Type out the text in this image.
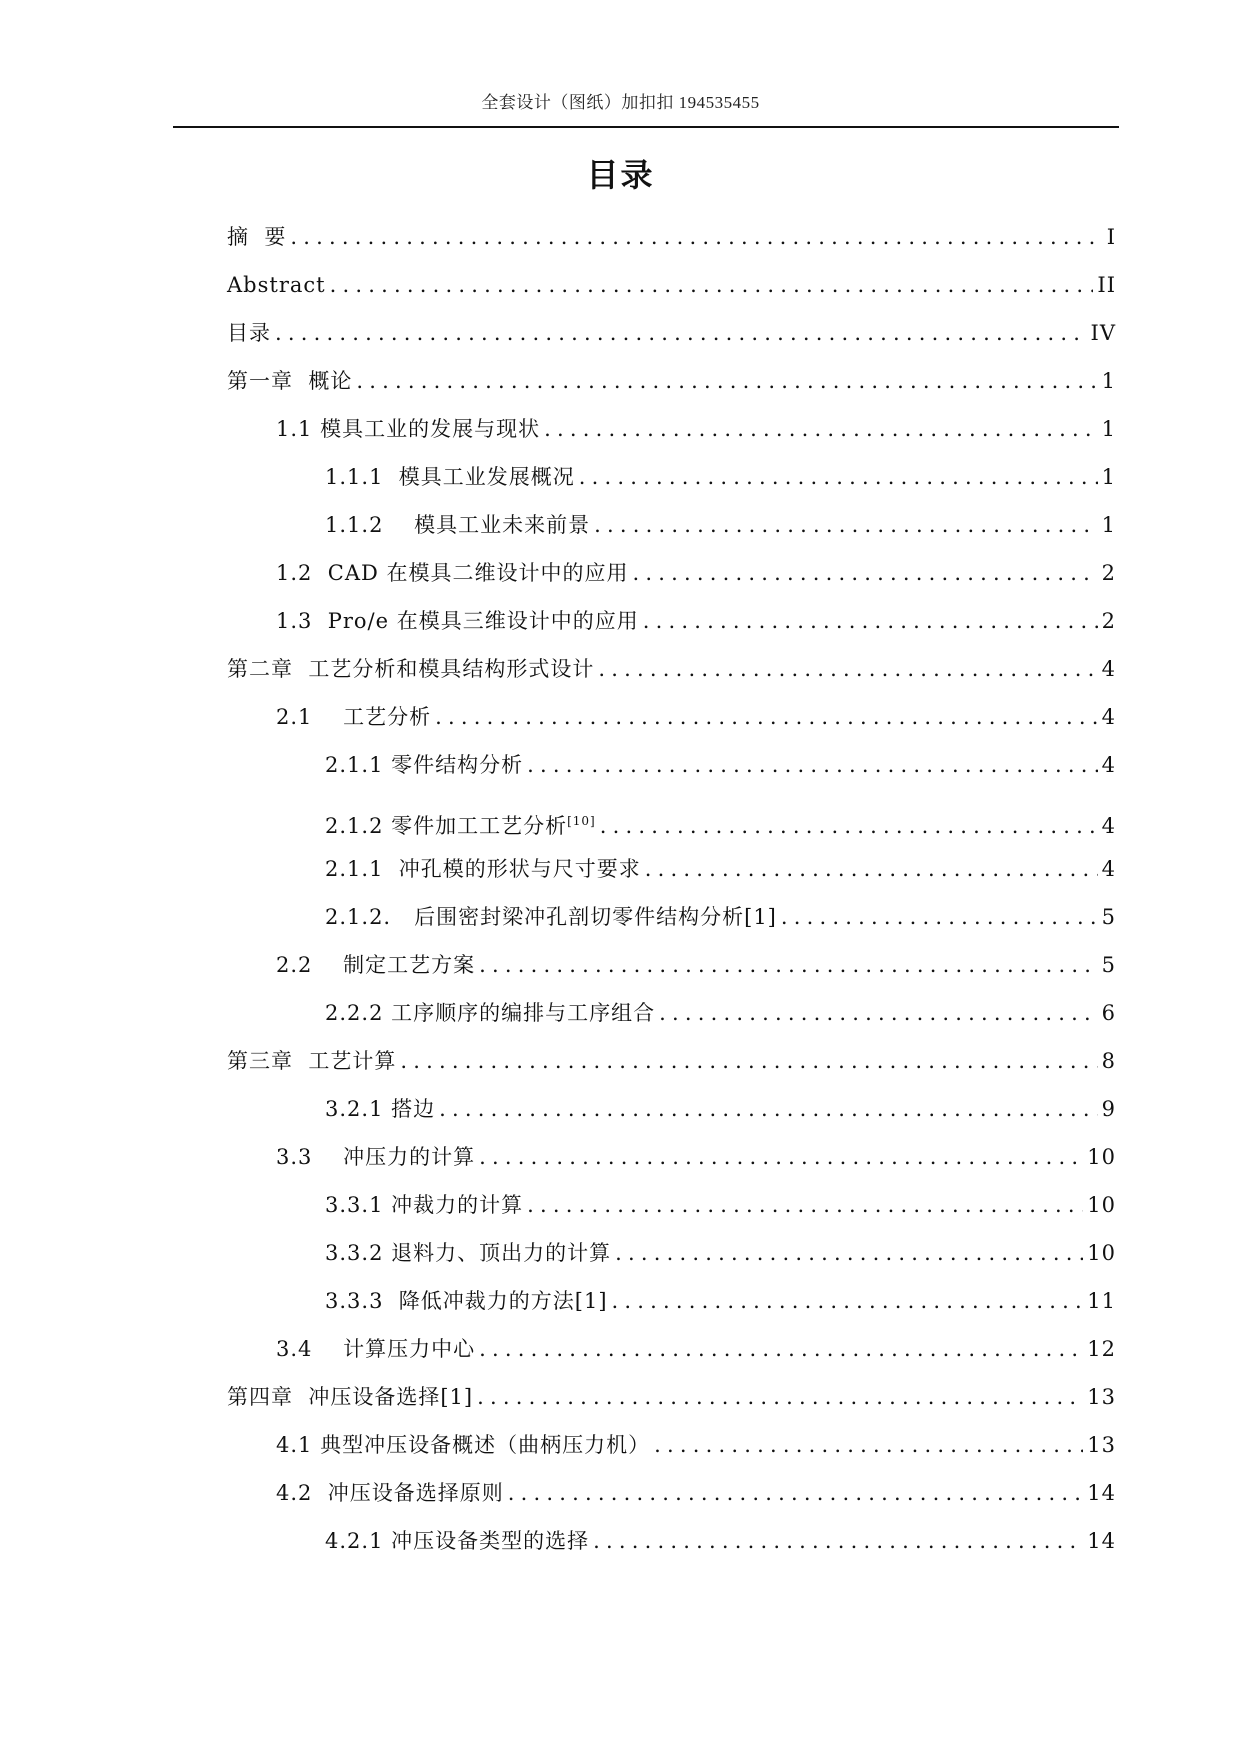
全套设计（图纸）加扣扣 194535455
目录
摘  要 .....	I
Abstract .....	II
目录 .....	IV
第一章  概论 .....	1
1.1 模具工业的发展与现状 .....	1
1.1.1  模具工业发展概况 .....	1
1.1.2    模具工业未来前景 .....	1
1.2  CAD 在模具二维设计中的应用 .....	2
1.3  Pro/e 在模具三维设计中的应用 .....	2
第二章  工艺分析和模具结构形式设计 .....	4
2.1    工艺分析 .....	4
2.1.1 零件结构分析 .....	4
2.1.2 零件加工工艺分析[10] .....	4
2.1.1  冲孔模的形状与尺寸要求 .....	4
2.1.2.   后围密封梁冲孔剖切零件结构分析[1] .....	5
2.2    制定工艺方案 .....	5
2.2.2 工序顺序的编排与工序组合 .....	6
第三章  工艺计算 .....	8
3.2.1 搭边 .....	9
3.3    冲压力的计算 .....	10
3.3.1 冲裁力的计算 .....	10
3.3.2 退料力、顶出力的计算 .....	10
3.3.3  降低冲裁力的方法[1] .....	11
3.4    计算压力中心 .....	12
第四章  冲压设备选择[1] .....	13
4.1 典型冲压设备概述（曲柄压力机） .....	13
4.2  冲压设备选择原则 .....	14
4.2.1 冲压设备类型的选择 .....	14
